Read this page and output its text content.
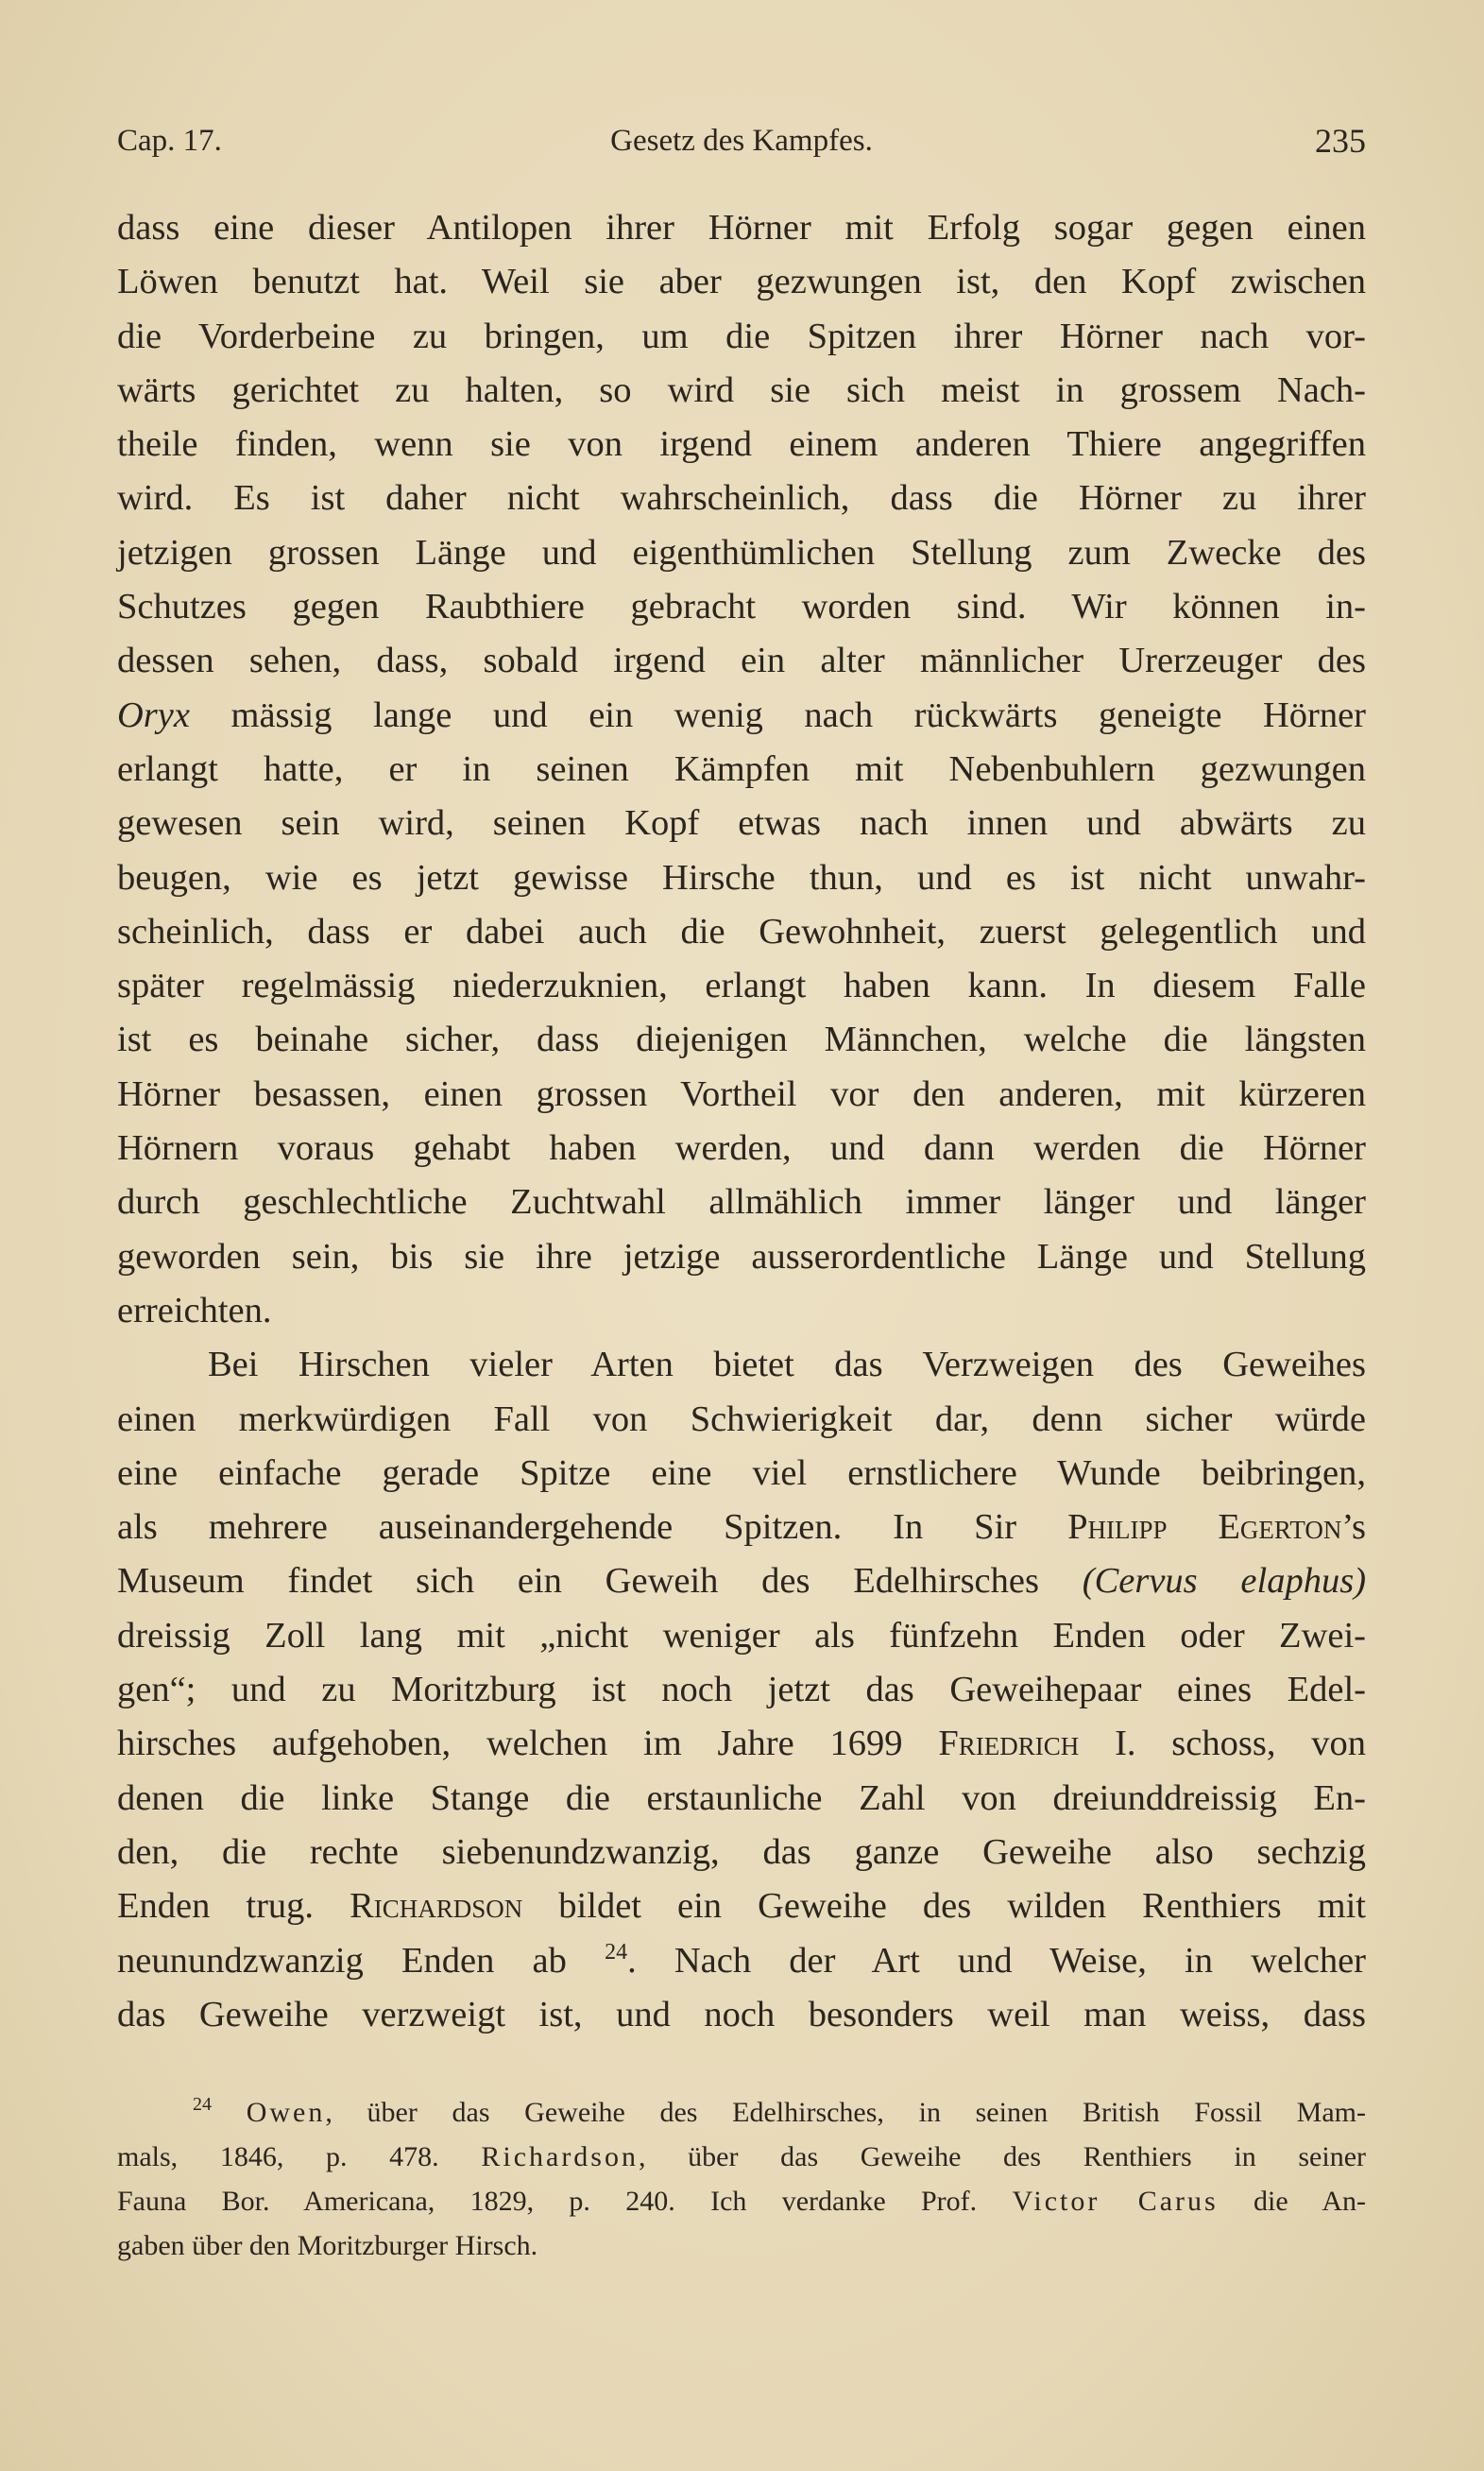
Cap. 17.	Gesetz des Kampfes.	235
dass eine dieser Antilopen ihrer Hörner mit Erfolg sogar gegen einen
Löwen benutzt hat. Weil sie aber gezwungen ist, den Kopf zwischen
die Vorderbeine zu bringen, um die Spitzen ihrer Hörner nach vor-
wärts gerichtet zu halten, so wird sie sich meist in grossem Nach-
theile finden, wenn sie von irgend einem anderen Thiere angegriffen
wird. Es ist daher nicht wahrscheinlich, dass die Hörner zu ihrer
jetzigen grossen Länge und eigenthümlichen Stellung zum Zwecke des
Schutzes gegen Raubthiere gebracht worden sind. Wir können in-
dessen sehen, dass, sobald irgend ein alter männlicher Urerzeuger des
Oryx mässig lange und ein wenig nach rückwärts geneigte Hörner
erlangt hatte, er in seinen Kämpfen mit Nebenbuhlern gezwungen
gewesen sein wird, seinen Kopf etwas nach innen und abwärts zu
beugen, wie es jetzt gewisse Hirsche thun, und es ist nicht unwahr-
scheinlich, dass er dabei auch die Gewohnheit, zuerst gelegentlich und
später regelmässig niederzuknien, erlangt haben kann. In diesem Falle
ist es beinahe sicher, dass diejenigen Männchen, welche die längsten
Hörner besassen, einen grossen Vortheil vor den anderen, mit kürzeren
Hörnern voraus gehabt haben werden, und dann werden die Hörner
durch geschlechtliche Zuchtwahl allmählich immer länger und länger
geworden sein, bis sie ihre jetzige ausserordentliche Länge und Stellung
erreichten.
Bei Hirschen vieler Arten bietet das Verzweigen des Geweihes
einen merkwürdigen Fall von Schwierigkeit dar, denn sicher würde
eine einfache gerade Spitze eine viel ernstlichere Wunde beibringen,
als mehrere auseinandergehende Spitzen. In Sir Philipp Egerton’s
Museum findet sich ein Geweih des Edelhirsches (Cervus elaphus)
dreissig Zoll lang mit „nicht weniger als fünfzehn Enden oder Zwei-
gen“; und zu Moritzburg ist noch jetzt das Geweihepaar eines Edel-
hirsches aufgehoben, welchen im Jahre 1699 Friedrich I. schoss, von
denen die linke Stange die erstaunliche Zahl von dreiunddreissig En-
den, die rechte siebenundzwanzig, das ganze Geweihe also sechzig
Enden trug. Richardson bildet ein Geweihe des wilden Renthiers mit
neunundzwanzig Enden ab $^{24}$. Nach der Art und Weise, in welcher
das Geweihe verzweigt ist, und noch besonders weil man weiss, dass
$^{24}$ Owen, über das Geweihe des Edelhirsches, in seinen British Fossil Mam-
mals, 1846, p. 478. Richardson, über das Geweihe des Renthiers in seiner
Fauna Bor. Americana, 1829, p. 240. Ich verdanke Prof. Victor Carus die An-
gaben über den Moritzburger Hirsch.
